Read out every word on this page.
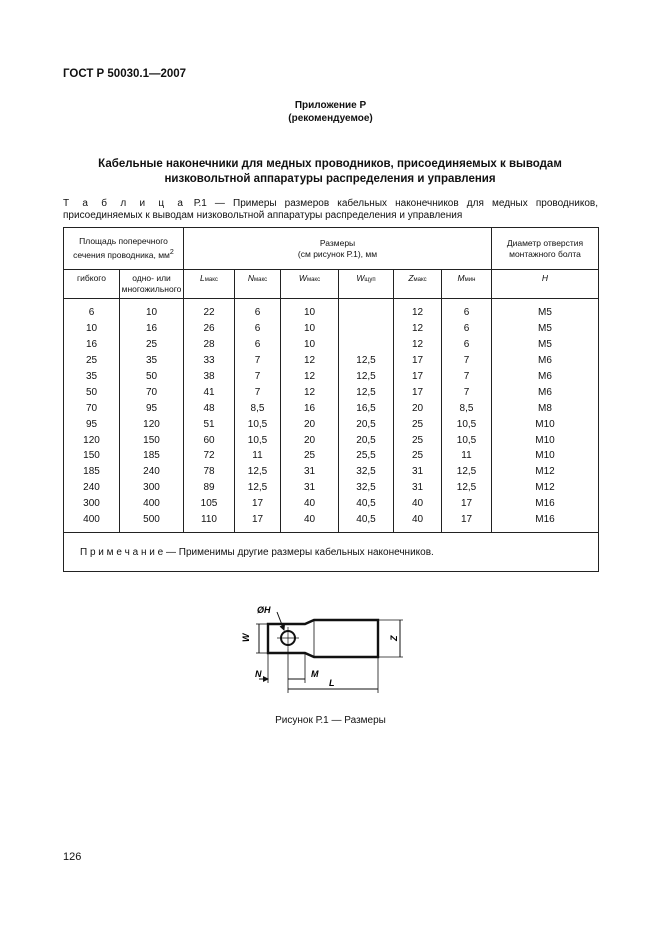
ГОСТ Р 50030.1—2007
Приложение Р
(рекомендуемое)
Кабельные наконечники для медных проводников, присоединяемых к выводам
низковольтной аппаратуры распределения и управления
Т а б л и ц а Р.1 — Примеры размеров кабельных наконечников для медных проводников, присоединяемых к выводам низковольтной аппаратуры распределения и управления
Площадь поперечного сечения проводника, $мм^2$		Размеры
(см рисунок Р.1), мм						Диаметр отверстия монтажного болта
гибкого	одно- или многожильного	Lмакс	Nмакс	Wмакс	Wщуп	Zмакс	Mмин	H
6	10	22	6	10		12	6	M5
10	16	26	6	10		12	6	M5
16	25	28	6	10		12	6	M5
25	35	33	7	12	12,5	17	7	M6
35	50	38	7	12	12,5	17	7	M6
50	70	41	7	12	12,5	17	7	M6
70	95	48	8,5	16	16,5	20	8,5	M8
95	120	51	10,5	20	20,5	25	10,5	M10
120	150	60	10,5	20	20,5	25	10,5	M10
150	185	72	11	25	25,5	25	11	M10
185	240	78	12,5	31	32,5	31	12,5	M12
240	300	89	12,5	31	32,5	31	12,5	M12
300	400	105	17	40	40,5	40	17	M16
400	500	110	17	40	40,5	40	17	M16
П р и м е ч а н и е — Применимы другие размеры кабельных наконечников.								
ØH
W	Z
N	M
L
Рисунок Р.1 — Размеры
126
